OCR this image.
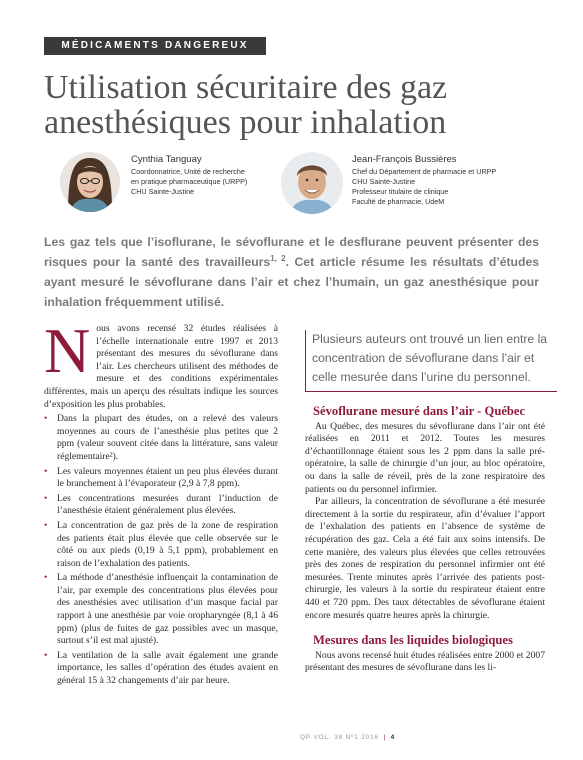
MÉDICAMENTS DANGEREUX
Utilisation sécuritaire des gaz anesthésiques pour inhalation
Cynthia Tanguay
Coordonnatrice, Unité de recherche
en pratique pharmaceutique (URPP)
CHU Sainte-Justine
Jean-François Bussières
Chef du Département de pharmacie et URPP
CHU Sainte-Justine
Professeur titulaire de clinique
Faculté de pharmacie, UdeM

Les gaz tels que l’isoflurane, le sévoflurane et le desflurane peuvent présenter des risques pour la santé des travailleurs$^{1, 2}$. Cet article résume les résultats d’études ayant mesuré le sévoflurane dans l’air et chez l’humain, un gaz anesthésique pour inhalation fréquemment utilisé.

N ous avons recensé 32 études réalisées à l’échelle internationale entre 1997 et 2013 présentant des mesures du sévoflurane dans l’air. Les chercheurs utilisent des méthodes de mesure et des conditions expérimentales différentes, mais un aperçu des résultats indique les sources d’exposition les plus probables.

• Dans la plupart des études, on a relevé des valeurs moyennes au cours de l’anesthésie plus petites que 2 ppm (valeur souvent citée dans la littérature, sans valeur réglementaire²).
• Les valeurs moyennes étaient un peu plus élevées durant le branchement à l’évaporateur (2,9 à 7,8 ppm).
• Les concentrations mesurées durant l’induction de l’anesthésie étaient généralement plus élevées.
• La concentration de gaz près de la zone de respiration des patients était plus élevée que celle observée sur le côté ou aux pieds (0,19 à 5,1 ppm), probablement en raison de l’exhalation des patients.
• La méthode d’anesthésie influençait la contamination de l’air, par exemple des concentrations plus élevées pour des anesthésies avec utilisation d’un masque facial par rapport à une anesthésie par voie oropharyngée (8,1 à 46 ppm) (plus de fuites de gaz possibles avec un masque, surtout s’il est mal ajusté).
• La ventilation de la salle avait également une grande importance, les salles d’opération des études avaient en général 15 à 32 changements d’air par heure.
Plusieurs auteurs ont trouvé un lien entre la concentration de sévoflurane dans l’air et celle mesurée dans l’urine du personnel.
Sévoflurane mesuré dans l’air - Québec

Au Québec, des mesures du sévoflurane dans l’air ont été réalisées en 2011 et 2012. Toutes les mesures d’échantillonnage étaient sous les 2 ppm dans la salle pré-opératoire, la salle de chirurgie d’un jour, au bloc opératoire, ou dans la salle de réveil, près de la zone respiratoire des patients ou du personnel infirmier.

Par ailleurs, la concentration de sévoflurane a été mesurée directement à la sortie du respirateur, afin d’évaluer l’apport de l’exhalation des patients en l’absence de système de récupération des gaz. Cela a été fait aux soins intensifs. De cette manière, des valeurs plus élevées que celles retrouvées près des zones de respiration du personnel infirmier ont été mesurées. Trente minutes après l’arrivée des patients post-chirurgie, les valeurs à la sortie du respirateur étaient entre 440 et 720 ppm. Des taux détectables de sévoflurane étaient encore mesurés quatre heures après la chirurgie.

Mesures dans les liquides biologiques

Nous avons recensé huit études réalisées entre 2000 et 2007 présentant des mesures de sévoflurane dans les li-

QP VOL. 38 Nº1 2016 | 4
